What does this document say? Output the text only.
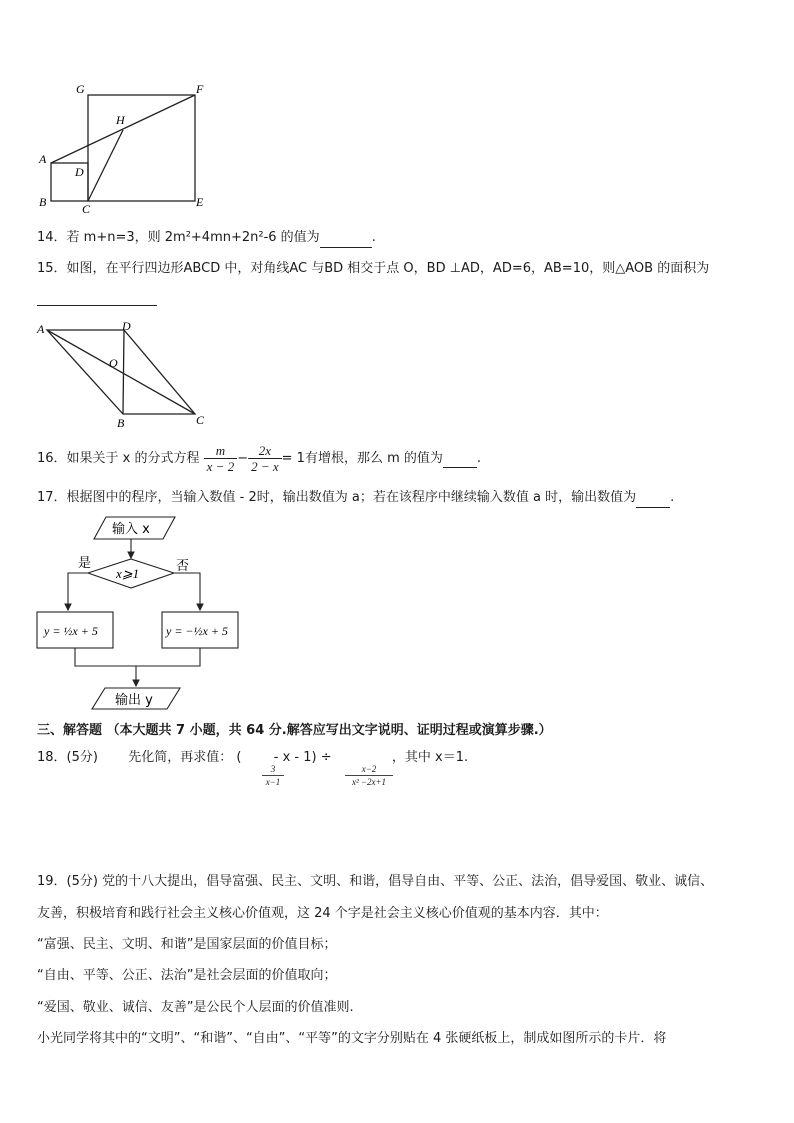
G	F
H
A
D
B	C	E
14．若 m+n=3，则 2m²+4mn+2n²-6 的值为	.
15．如图，在平行四边形ABCD 中，对角线AC 与BD 相交于点 O，BD ⊥AD，AD=6，AB=10，则△AOB 的面积为
A	D
O
B	C
16．如果关于 x 的分式方程 $\frac{m}{x - 2} - \frac{2x}{2 - x} = 1$有增根，那么 m 的值为	.
17．根据图中的程序，当输入数值 - 2时，输出数值为 a；若在该程序中继续输入数值 a 时，输出数值为	.
输入 x
x⩾1
是	否
y = ½x + 5	y = −½x + 5
输出 y
三、解答题 （本大题共 7 小题，共 64 分.解答应写出文字说明、证明过程或演算步骤.）
18．(5分) 先化简，再求值： ( - x - 1) ÷	，其中 x＝1.
$\frac{3}{x-1}$	$\frac{x-2}{\text{x² −2x+1}}$
19．(5分) 党的十八大提出，倡导富强、民主、文明、和谐，倡导自由、平等、公正、法治，倡导爱国、敬业、诚信、
友善，积极培育和践行社会主义核心价值观，这 24 个字是社会主义核心价值观的基本内容．其中：
“富强、民主、文明、和谐”是国家层面的价值目标；
“自由、平等、公正、法治”是社会层面的价值取向；
“爱国、敬业、诚信、友善”是公民个人层面的价值准则.
小光同学将其中的“文明”、“和谐”、“自由”、“平等”的文字分别贴在 4 张硬纸板上，制成如图所示的卡片．将
